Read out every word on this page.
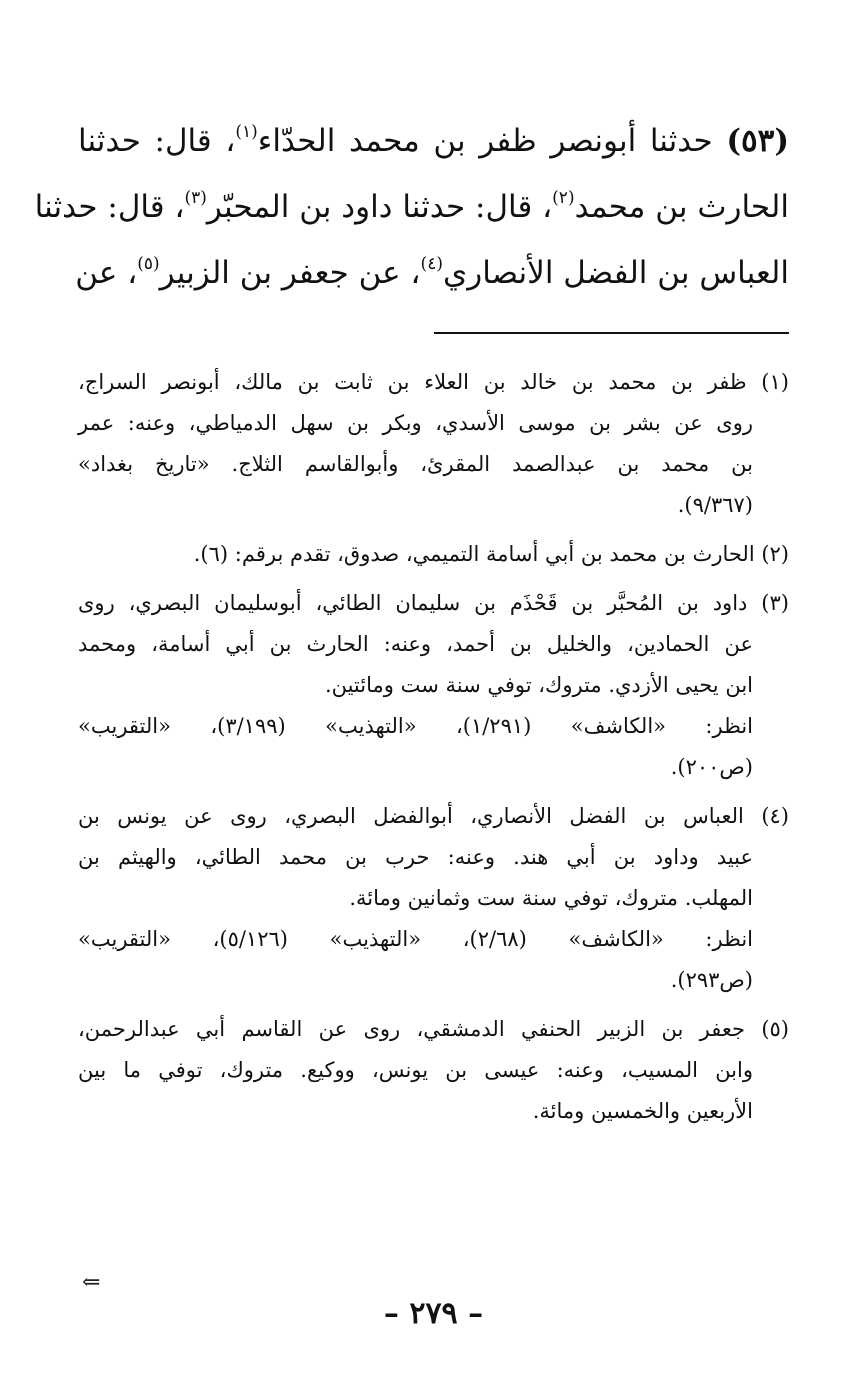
(٥٣) حدثنا أبونصر ظفر بن محمد الحدّاء$^{(١)}$، قال: حدثنا
الحارث بن محمد$^{(٢)}$، قال: حدثنا داود بن المحبّر$^{(٣)}$، قال: حدثنا
العباس بن الفضل الأنصاري$^{(٤)}$، عن جعفر بن الزبير$^{(٥)}$، عن
(١) ظفر بن محمد بن خالد بن العلاء بن ثابت بن مالك، أبونصر السراج،
روى عن بشر بن موسى الأسدي، وبكر بن سهل الدمياطي، وعنه: عمر
بن محمد بن عبدالصمد المقرئ، وأبوالقاسم الثلاج. «تاريخ بغداد»
(٩/٣٦٧).
(٢) الحارث بن محمد بن أبي أسامة التميمي، صدوق، تقدم برقم: (٦).
(٣) داود بن المُحبَّر بن قَحْذَم بن سليمان الطائي، أبوسليمان البصري، روى
عن الحمادين، والخليل بن أحمد، وعنه: الحارث بن أبي أسامة، ومحمد
ابن يحيى الأزدي. متروك، توفي سنة ست ومائتين.
انظر: «الكاشف» (١/٢٩١)، «التهذيب» (٣/١٩٩)، «التقريب»
(ص٢٠٠).
(٤) العباس بن الفضل الأنصاري، أبوالفضل البصري، روى عن يونس بن
عبيد وداود بن أبي هند. وعنه: حرب بن محمد الطائي، والهيثم بن
المهلب. متروك، توفي سنة ست وثمانين ومائة.
انظر: «الكاشف» (٢/٦٨)، «التهذيب» (٥/١٢٦)، «التقريب»
(ص٢٩٣).
(٥) جعفر بن الزبير الحنفي الدمشقي، روى عن القاسم أبي عبدالرحمن،
وابن المسيب، وعنه: عيسى بن يونس، ووكيع. متروك، توفي ما بين
الأربعين والخمسين ومائة.
⇐
– ٢٧٩ –
